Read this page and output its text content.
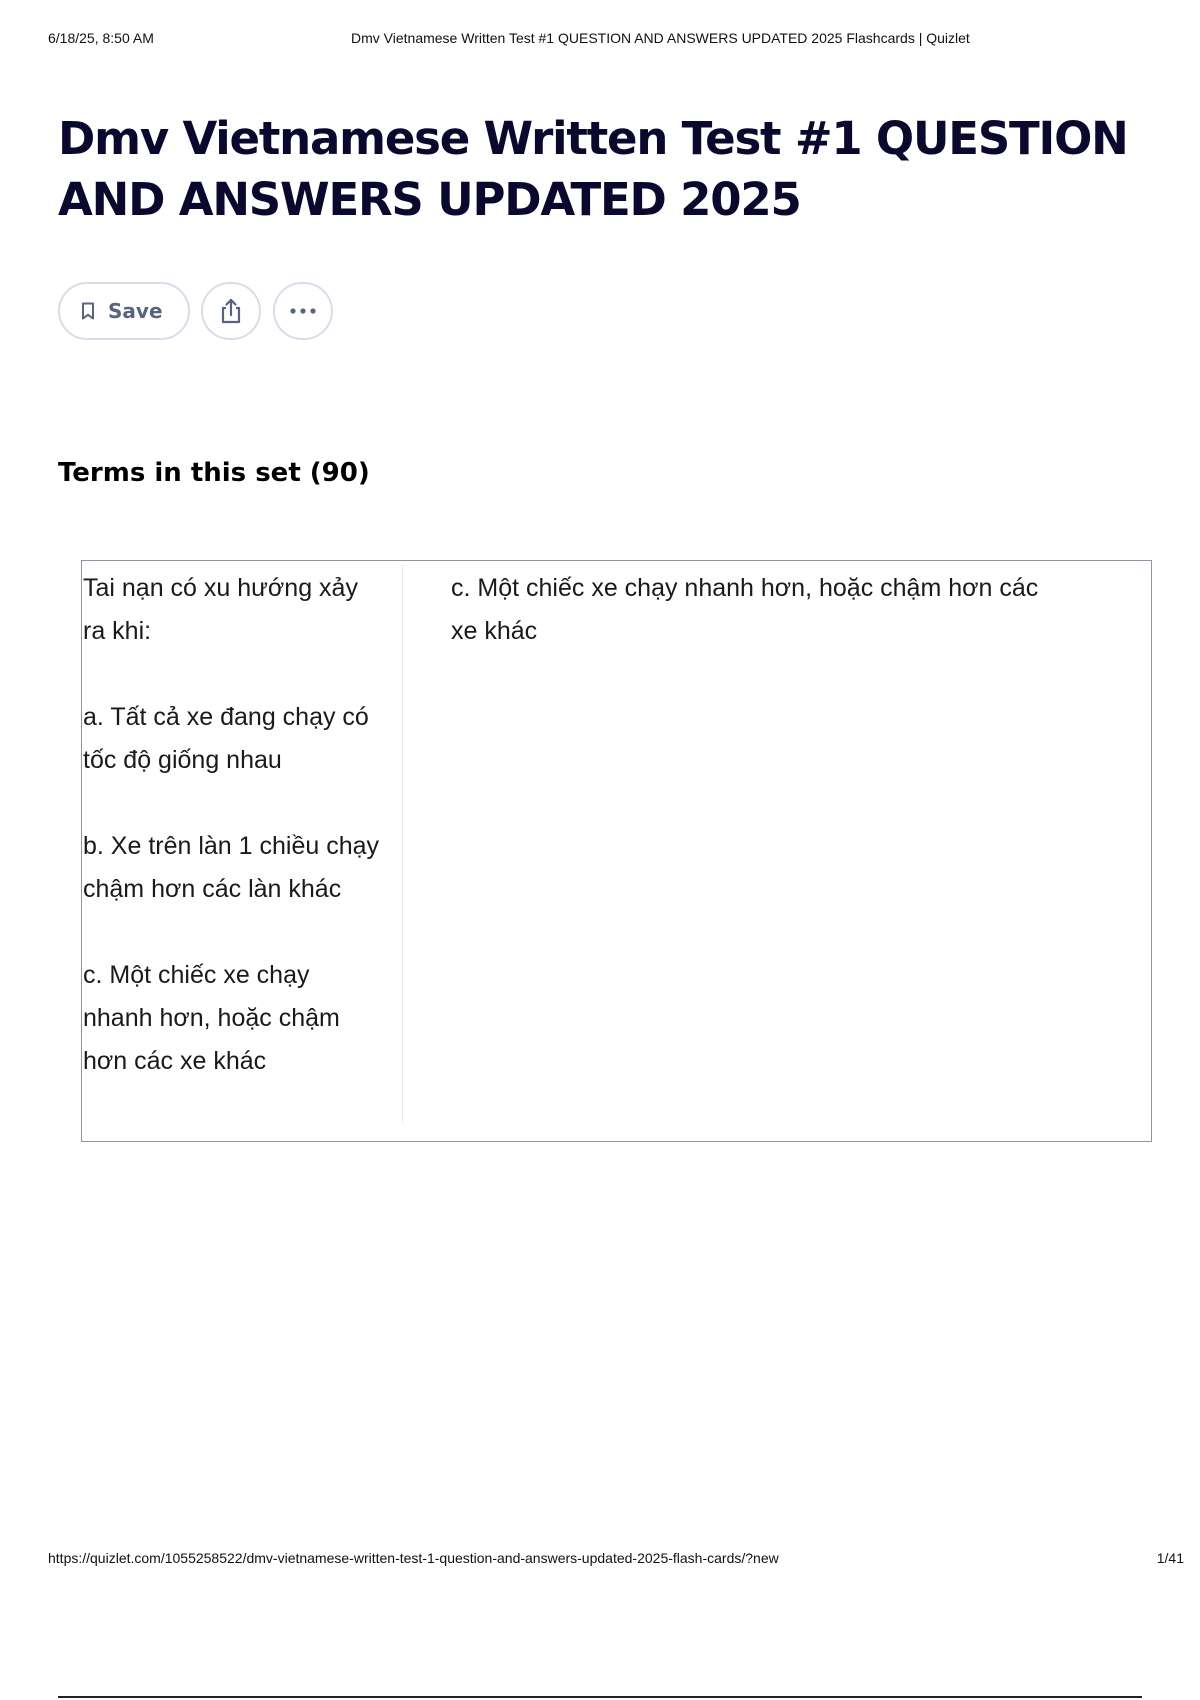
6/18/25, 8:50 AM	Dmv Vietnamese Written Test #1 QUESTION AND ANSWERS UPDATED 2025 Flashcards | Quizlet
Dmv Vietnamese Written Test #1 QUESTION AND ANSWERS UPDATED 2025
Save
Terms in this set (90)

Tai nạn có xu hướng xảy ra khi:

a. Tất cả xe đang chạy có tốc độ giống nhau

b. Xe trên làn 1 chiều chạy chậm hơn các làn khác

c. Một chiếc xe chạy nhanh hơn, hoặc chậm hơn các xe khác

c. Một chiếc xe chạy nhanh hơn, hoặc chậm hơn các xe khác
https://quizlet.com/1055258522/dmv-vietnamese-written-test-1-question-and-answers-updated-2025-flash-cards/?new	1/41
